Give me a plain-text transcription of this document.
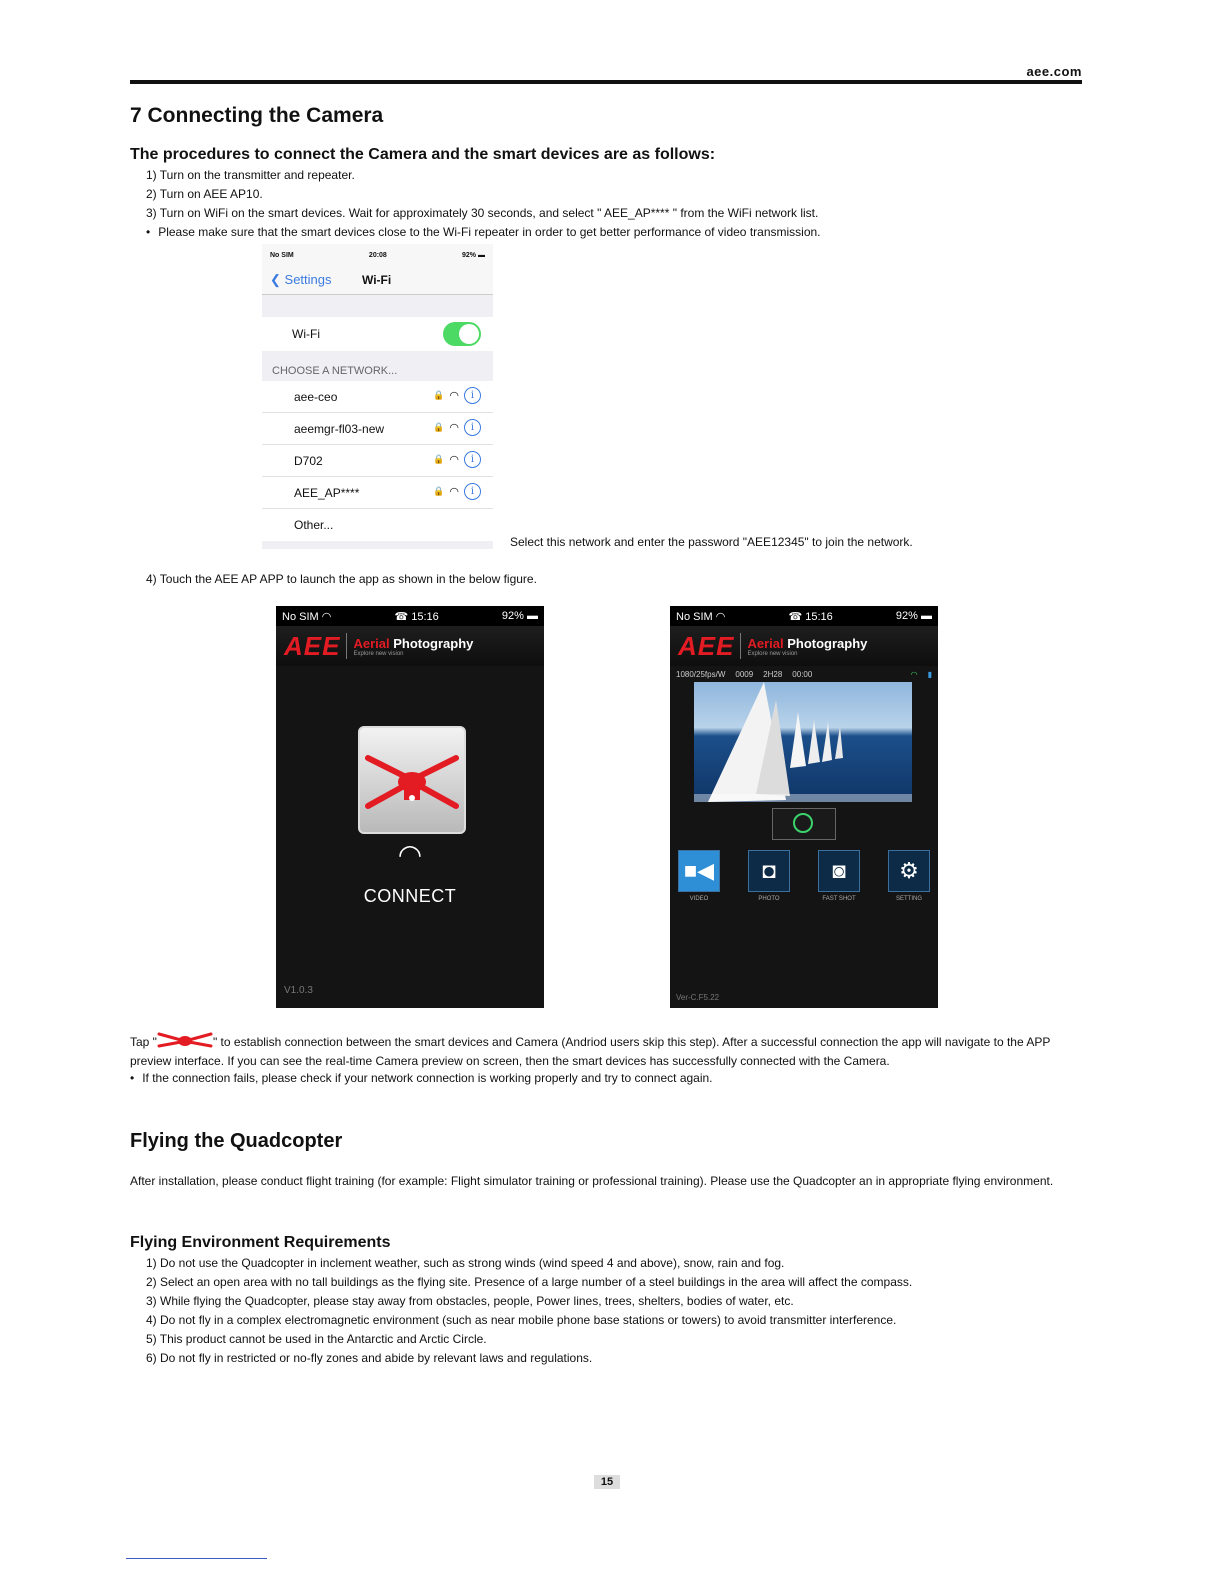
aee.com
7 Connecting the Camera
The procedures to connect the Camera and the smart devices are as follows:
1) Turn on the transmitter and repeater.
2) Turn on AEE AP10.
3) Turn on WiFi on the smart devices. Wait for approximately 30 seconds, and select " AEE_AP**** " from the WiFi network list.
• Please make sure that the smart devices close to the Wi-Fi repeater in order to get better performance of video transmission.
No SIM	20:08	92% ▬
❮ Settings	Wi-Fi
Wi-Fi
CHOOSE A NETWORK...
aee-ceo	🔒 ◠	i
aeemgr-fl03-new	🔒 ◠	i
D702	🔒 ◠	i
AEE_AP****	🔒 ◠	i
Other...
Select this network and enter the password "AEE12345" to join the network.
4) Touch the AEE AP APP to launch the app as shown in the below figure.
No SIM ◠	☎ 15:16	92% ▬
AEE Aerial Photography
Explore new vision
◠
CONNECT
V1.0.3
No SIM ◠	☎ 15:16	92% ▬
AEE Aerial Photography
Explore new vision
1080/25fps/W 0009 2H28 00:00	◠ ▮
■◀
VIDEO
◘
PHOTO
◙
FAST SHOT
⚙
SETTING
Ver-C.F5.22
Tap "	" to establish connection between the smart devices and Camera (Andriod users skip this step). After a successful connection the app will navigate to the APP preview interface. If you can see the real-time Camera preview on screen, then the smart devices has successfully connected with the Camera.
• If the connection fails, please check if your network connection is working properly and try to connect again.
Flying the Quadcopter
After installation, please conduct flight training (for example: Flight simulator training or professional training). Please use the Quadcopter an in appropriate flying environment.
Flying Environment Requirements
1) Do not use the Quadcopter in inclement weather, such as strong winds (wind speed 4 and above), snow, rain and fog.
2) Select an open area with no tall buildings as the flying site. Presence of a large number of a steel buildings in the area will affect the compass.
3) While flying the Quadcopter, please stay away from obstacles, people, Power lines, trees, shelters, bodies of water, etc.
4) Do not fly in a complex electromagnetic environment (such as near mobile phone base stations or towers) to avoid transmitter interference.
5) This product cannot be used in the Antarctic and Arctic Circle.
6) Do not fly in restricted or no-fly zones and abide by relevant laws and regulations.
15
